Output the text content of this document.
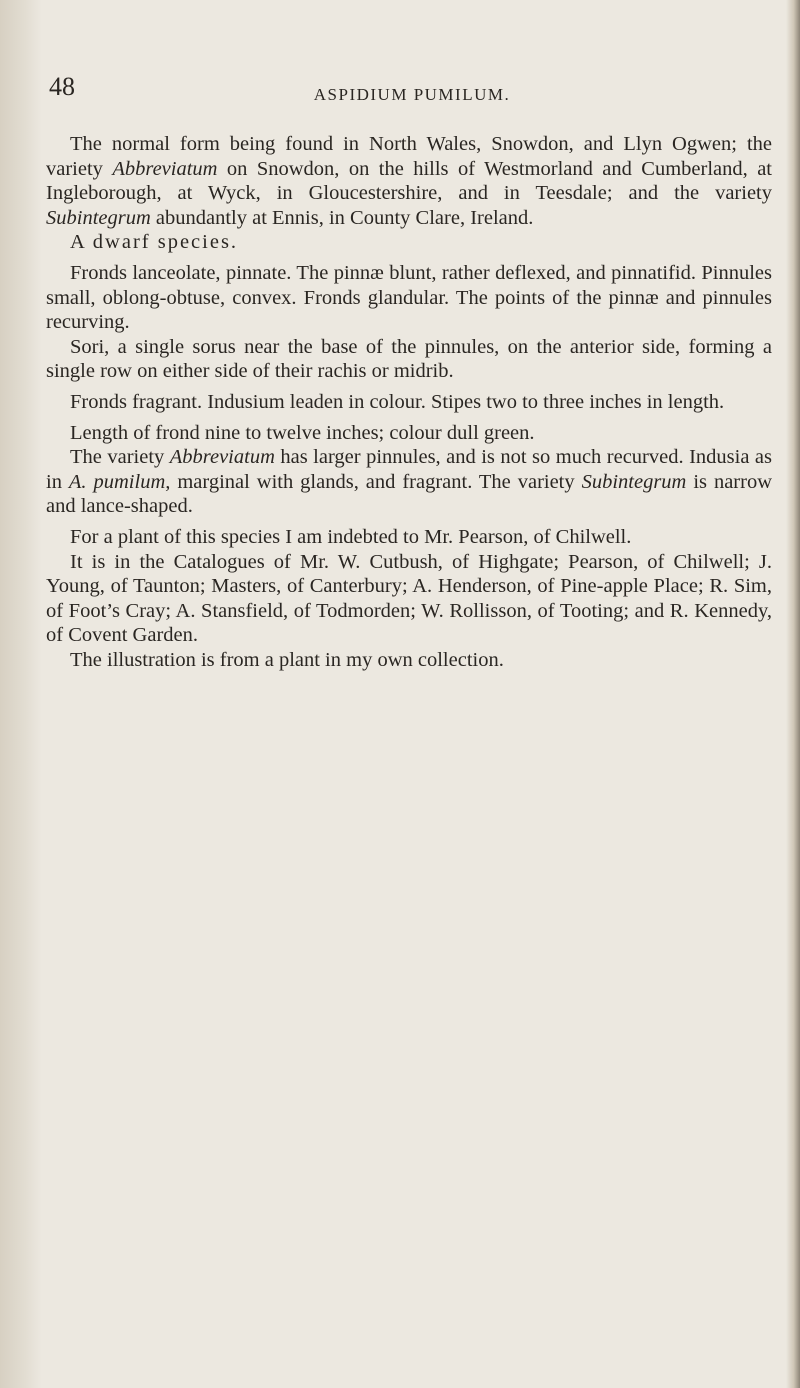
48	ASPIDIUM PUMILUM.

The normal form being found in North Wales, Snowdon, and Llyn Ogwen; the variety Abbreviatum on Snowdon, on the hills of Westmorland and Cumberland, at Ingleborough, at Wyck, in Gloucestershire, and in Teesdale; and the variety Subintegrum abundantly at Ennis, in County Clare, Ireland.

A dwarf species.

Fronds lanceolate, pinnate. The pinnæ blunt, rather deflexed, and pinnatifid. Pinnules small, oblong-obtuse, convex. Fronds glandular. The points of the pinnæ and pinnules recurving.

Sori, a single sorus near the base of the pinnules, on the anterior side, forming a single row on either side of their rachis or midrib.

Fronds fragrant. Indusium leaden in colour. Stipes two to three inches in length.

Length of frond nine to twelve inches; colour dull green.

The variety Abbreviatum has larger pinnules, and is not so much recurved. Indusia as in A. pumilum, marginal with glands, and fragrant. The variety Subintegrum is narrow and lance-shaped.

For a plant of this species I am indebted to Mr. Pearson, of Chilwell.

It is in the Catalogues of Mr. W. Cutbush, of Highgate; Pearson, of Chilwell; J. Young, of Taunton; Masters, of Canterbury; A. Henderson, of Pine-apple Place; R. Sim, of Foot’s Cray; A. Stansfield, of Todmorden; W. Rollisson, of Tooting; and R. Kennedy, of Covent Garden.

The illustration is from a plant in my own collection.
